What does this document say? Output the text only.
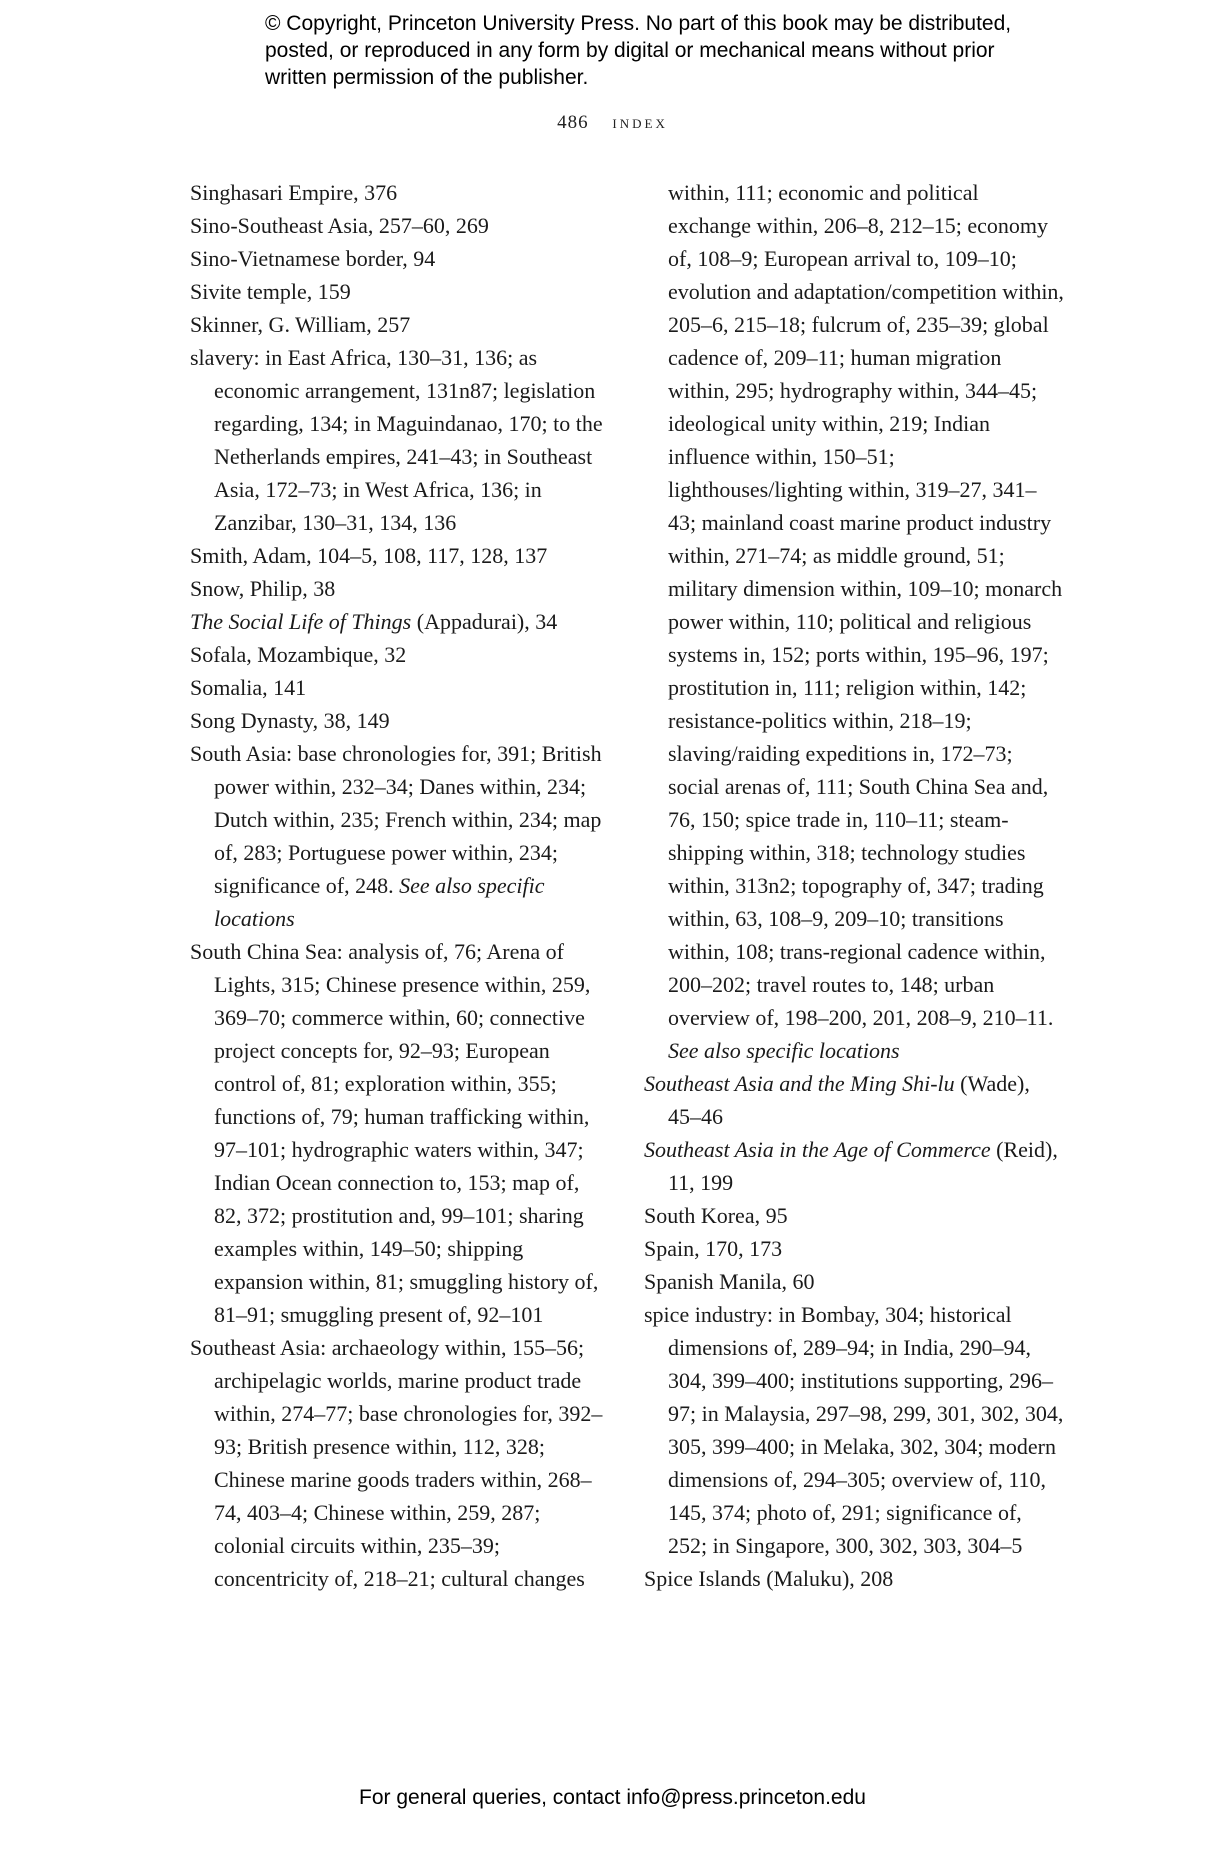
© Copyright, Princeton University Press. No part of this book may be distributed, posted, or reproduced in any form by digital or mechanical means without prior written permission of the publisher.
486 index

Singhasari Empire, 376

Sino-Southeast Asia, 257–60, 269

Sino-Vietnamese border, 94

Sivite temple, 159

Skinner, G. William, 257

slavery: in East Africa, 130–31, 136; as economic arrangement, 131n87; legislation regarding, 134; in Maguindanao, 170; to the Netherlands empires, 241–43; in Southeast Asia, 172–73; in West Africa, 136; in Zanzibar, 130–31, 134, 136

Smith, Adam, 104–5, 108, 117, 128, 137

Snow, Philip, 38

The Social Life of Things (Appadurai), 34

Sofala, Mozambique, 32

Somalia, 141

Song Dynasty, 38, 149

South Asia: base chronologies for, 391; British power within, 232–34; Danes within, 234; Dutch within, 235; French within, 234; map of, 283; Portuguese power within, 234; significance of, 248. See also specific locations

South China Sea: analysis of, 76; Arena of Lights, 315; Chinese presence within, 259, 369–70; commerce within, 60; connective project concepts for, 92–93; European control of, 81; exploration within, 355; functions of, 79; human trafficking within, 97–101; hydrographic waters within, 347; Indian Ocean connection to, 153; map of, 82, 372; prostitution and, 99–101; sharing examples within, 149–50; shipping expansion within, 81; smuggling history of, 81–91; smuggling present of, 92–101

Southeast Asia: archaeology within, 155–56; archipelagic worlds, marine product trade within, 274–77; base chronologies for, 392–93; British presence within, 112, 328; Chinese marine goods traders within, 268–74, 403–4; Chinese within, 259, 287; colonial circuits within, 235–39; concentricity of, 218–21; cultural changes

within, 111; economic and political exchange within, 206–8, 212–15; economy of, 108–9; European arrival to, 109–10; evolution and adaptation/competition within, 205–6, 215–18; fulcrum of, 235–39; global cadence of, 209–11; human migration within, 295; hydrography within, 344–45; ideological unity within, 219; Indian influence within, 150–51; lighthouses/lighting within, 319–27, 341–43; mainland coast marine product industry within, 271–74; as middle ground, 51; military dimension within, 109–10; monarch power within, 110; political and religious systems in, 152; ports within, 195–96, 197; prostitution in, 111; religion within, 142; resistance-politics within, 218–19; slaving/raiding expeditions in, 172–73; social arenas of, 111; South China Sea and, 76, 150; spice trade in, 110–11; steam-shipping within, 318; technology studies within, 313n2; topography of, 347; trading within, 63, 108–9, 209–10; transitions within, 108; trans-regional cadence within, 200–202; travel routes to, 148; urban overview of, 198–200, 201, 208–9, 210–11. See also specific locations

Southeast Asia and the Ming Shi-lu (Wade), 45–46

Southeast Asia in the Age of Commerce (Reid), 11, 199

South Korea, 95

Spain, 170, 173

Spanish Manila, 60

spice industry: in Bombay, 304; historical dimensions of, 289–94; in India, 290–94, 304, 399–400; institutions supporting, 296–97; in Malaysia, 297–98, 299, 301, 302, 304, 305, 399–400; in Melaka, 302, 304; modern dimensions of, 294–305; overview of, 110, 145, 374; photo of, 291; significance of, 252; in Singapore, 300, 302, 303, 304–5

Spice Islands (Maluku), 208

For general queries, contact info@press.princeton.edu
